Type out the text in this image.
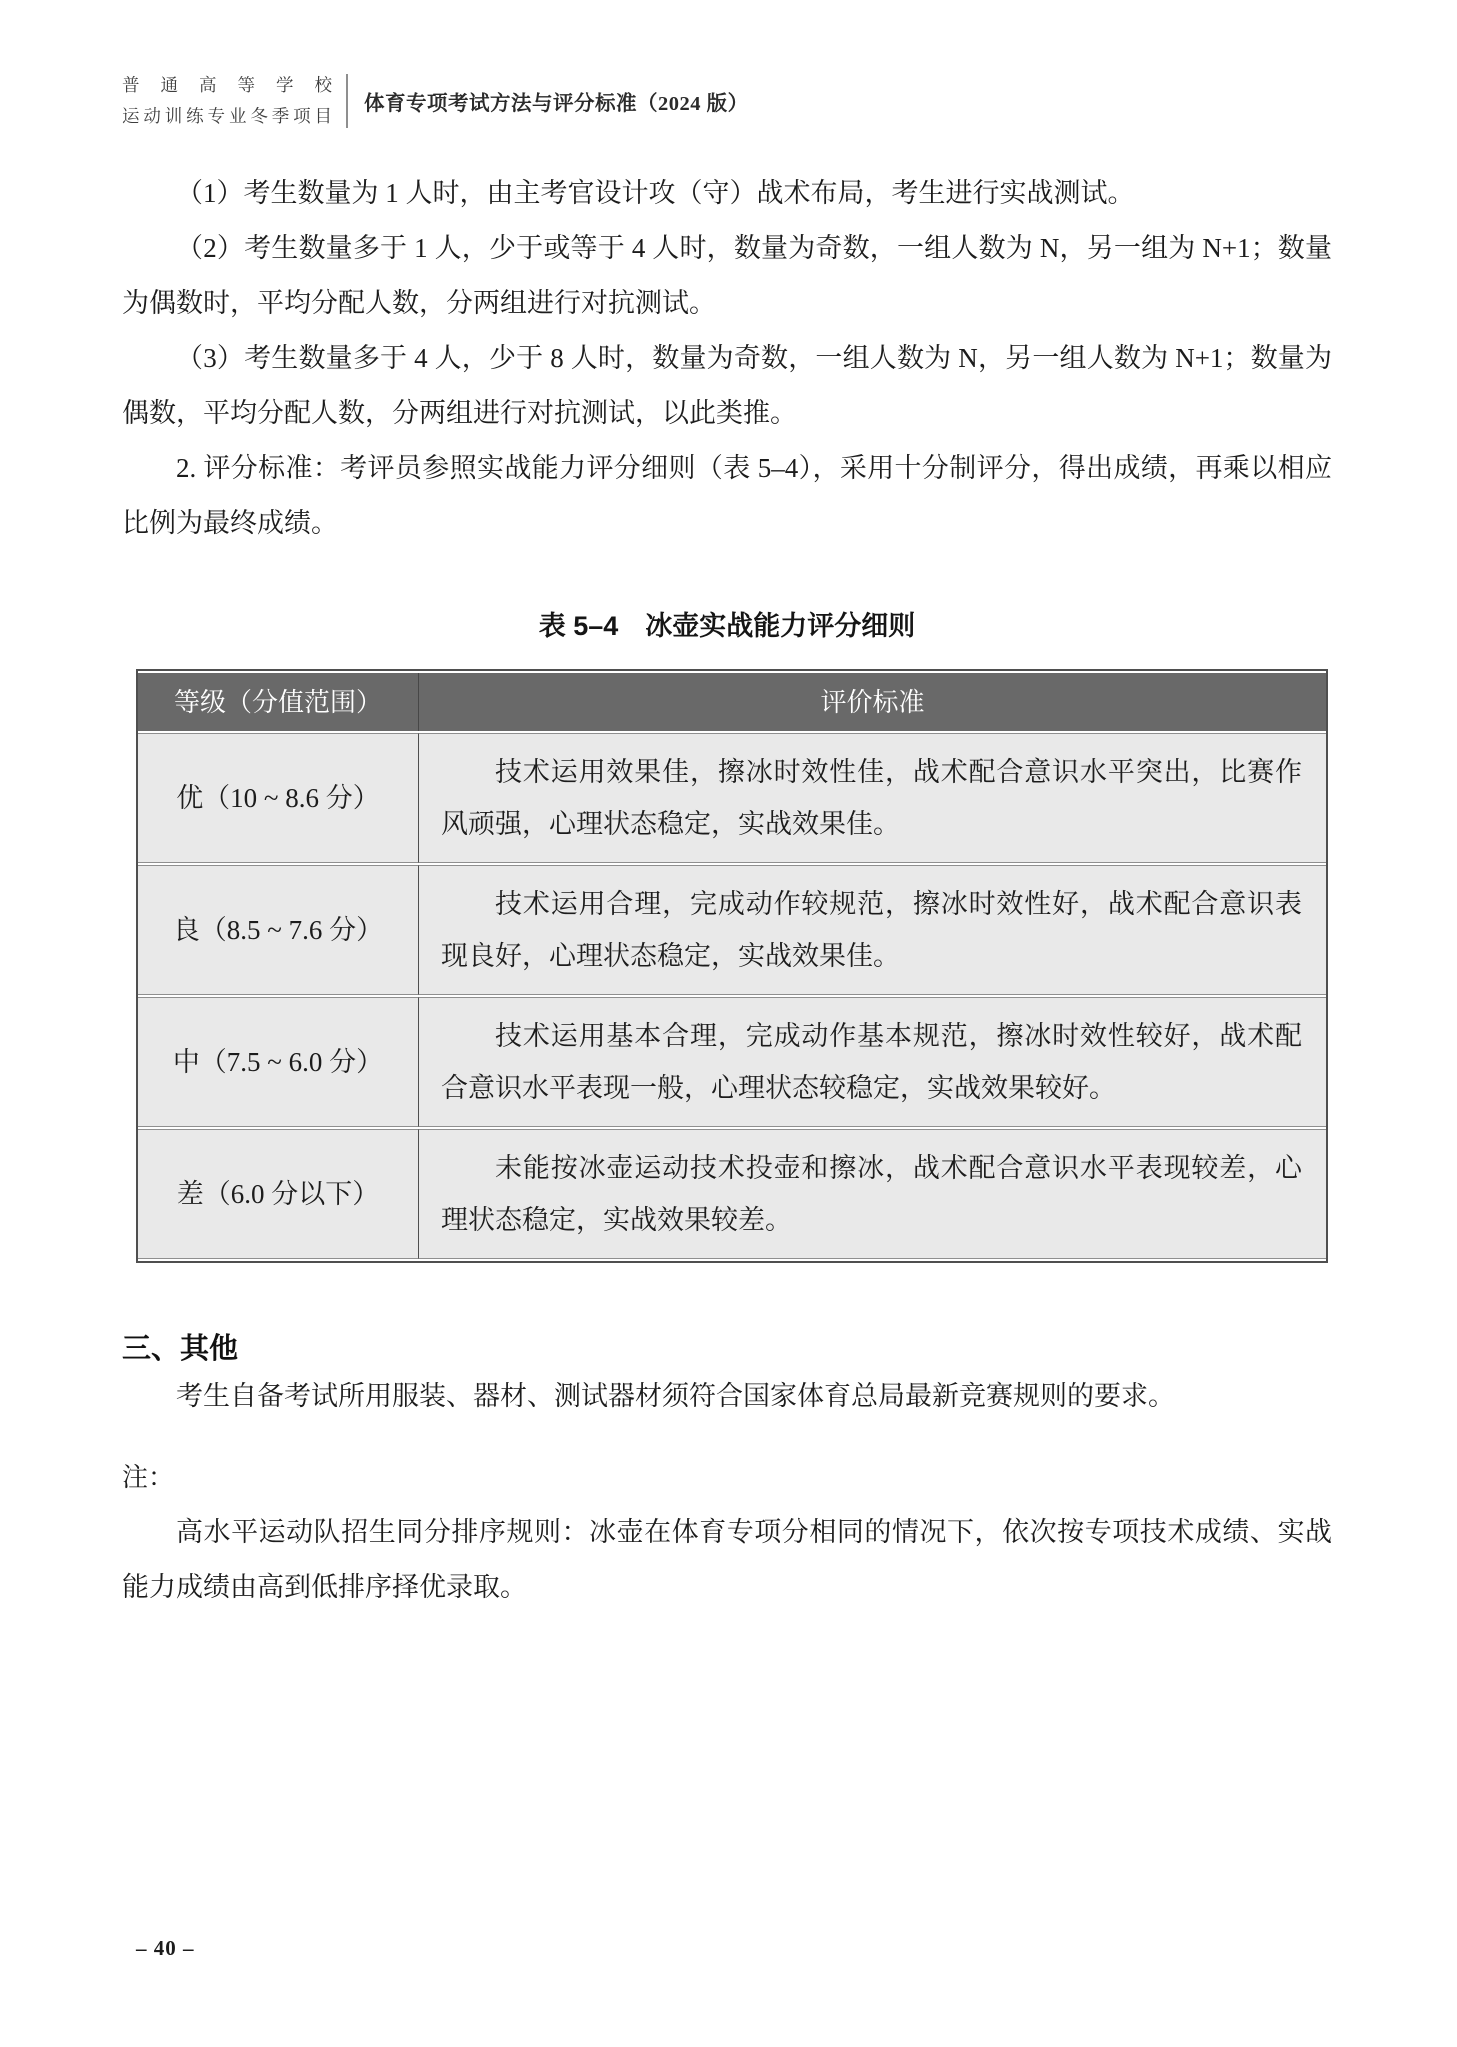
普通高等学校
运动训练专业冬季项目
体育专项考试方法与评分标准（2024 版）

（1）考生数量为 1 人时，由主考官设计攻（守）战术布局，考生进行实战测试。

（2）考生数量多于 1 人，少于或等于 4 人时，数量为奇数，一组人数为 N，另一组为 N+1；数量为偶数时，平均分配人数，分两组进行对抗测试。

（3）考生数量多于 4 人，少于 8 人时，数量为奇数，一组人数为 N，另一组人数为 N+1；数量为偶数，平均分配人数，分两组进行对抗测试，以此类推。

2. 评分标准：考评员参照实战能力评分细则（表 5–4），采用十分制评分，得出成绩，再乘以相应比例为最终成绩。

表 5–4　冰壶实战能力评分细则
等级（分值范围）	评价标准
优（10 ~ 8.6 分）	技术运用效果佳，擦冰时效性佳，战术配合意识水平突出，比赛作风顽强，心理状态稳定，实战效果佳。
良（8.5 ~ 7.6 分）	技术运用合理，完成动作较规范，擦冰时效性好，战术配合意识表现良好，心理状态稳定，实战效果佳。
中（7.5 ~ 6.0 分）	技术运用基本合理，完成动作基本规范，擦冰时效性较好，战术配合意识水平表现一般，心理状态较稳定，实战效果较好。
差（6.0 分以下）	未能按冰壶运动技术投壶和擦冰，战术配合意识水平表现较差，心理状态稳定，实战效果较差。
三、其他

考生自备考试所用服装、器材、测试器材须符合国家体育总局最新竞赛规则的要求。

注：

高水平运动队招生同分排序规则：冰壶在体育专项分相同的情况下，依次按专项技术成绩、实战能力成绩由高到低排序择优录取。

– 40 –
